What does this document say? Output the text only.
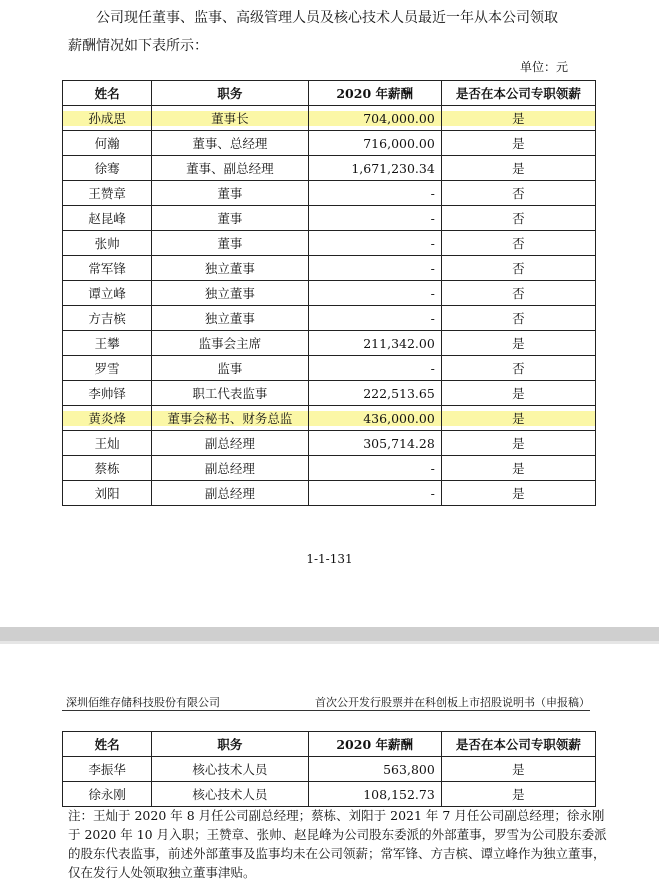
公司现任董事、监事、高级管理人员及核心技术人员最近一年从本公司领取
薪酬情况如下表所示：
单位：元
姓名	职务	2020 年薪酬	是否在本公司专职领薪
孙成思	董事长	704,000.00	是
何瀚	董事、总经理	716,000.00	是
徐骞	董事、副总经理	1,671,230.34	是
王赞章	董事	-	否
赵昆峰	董事	-	否
张帅	董事	-	否
常军锋	独立董事	-	否
谭立峰	独立董事	-	否
方吉槟	独立董事	-	否
王攀	监事会主席	211,342.00	是
罗雪	监事	-	否
李帅铎	职工代表监事	222,513.65	是
黄炎烽	董事会秘书、财务总监	436,000.00	是
王灿	副总经理	305,714.28	是
蔡栋	副总经理	-	是
刘阳	副总经理	-	是
1-1-131
深圳佰维存储科技股份有限公司	首次公开发行股票并在科创板上市招股说明书（申报稿）
姓名	职务	2020 年薪酬	是否在本公司专职领薪
李振华	核心技术人员	563,800	是
徐永刚	核心技术人员	108,152.73	是
注：王灿于 2020 年 8 月任公司副总经理；蔡栋、刘阳于 2021 年 7 月任公司副总经理；徐永刚于 2020 年 10 月入职；王赞章、张帅、赵昆峰为公司股东委派的外部董事，罗雪为公司股东委派的股东代表监事，前述外部董事及监事均未在公司领薪；常军锋、方吉槟、谭立峰作为独立董事，仅在发行人处领取独立董事津贴。
